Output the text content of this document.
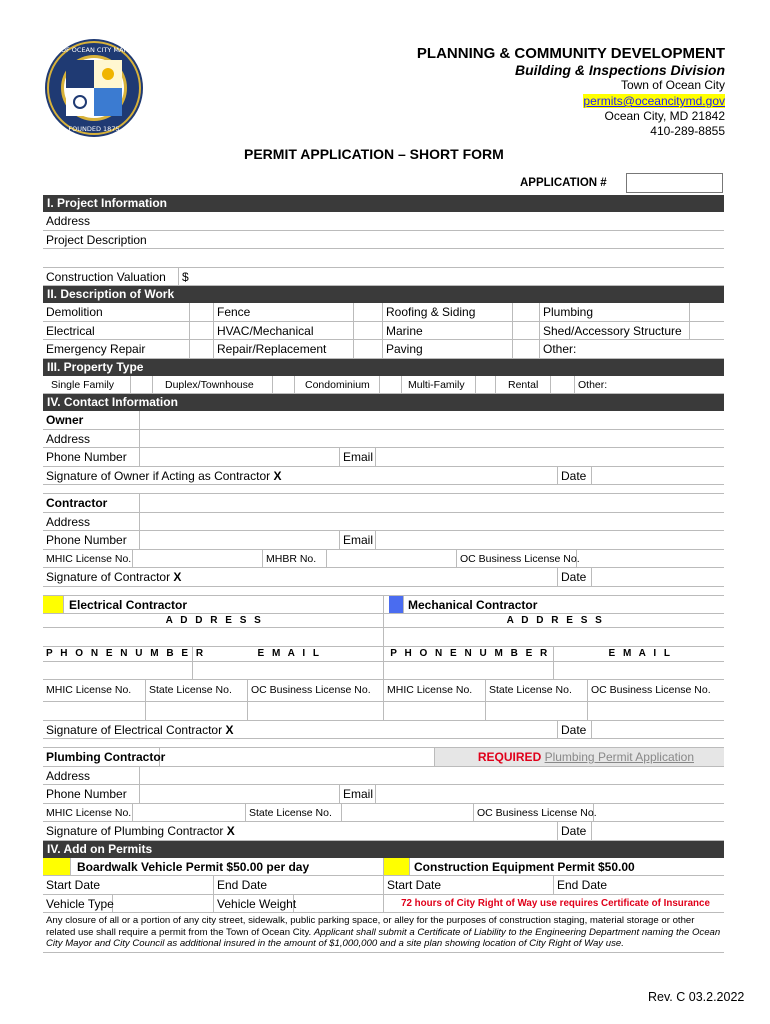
TOWN OF OCEAN CITY MARYLAND
FOUNDED 1875
PLANNING & COMMUNITY DEVELOPMENT
Building & Inspections Division
Town of Ocean City
permits@oceancitymd.gov
Ocean City, MD 21842
410-289-8855
PERMIT APPLICATION – SHORT FORM
APPLICATION #
I. Project Information
Address
Project Description
Construction Valuation	$
II. Description of Work
Demolition	Fence	Roofing & Siding	Plumbing
Electrical	HVAC/Mechanical	Marine	Shed/Accessory Structure
Emergency Repair	Repair/Replacement	Paving	Other:
III. Property Type
Single Family	Duplex/Townhouse	Condominium	Multi-Family	Rental	Other:
IV. Contact Information
Owner
Address
Phone Number	Email
Signature of Owner if Acting as Contractor X	Date
Contractor
Address
Phone Number	Email
MHIC License No.	MHBR No.	OC Business License No.
Signature of Contractor X	Date
Electrical Contractor	Mechanical Contractor
A D D R E S S	A D D R E S S
P H O N E N U M B E R	E M A I L	P H O N E N U M B E R	E M A I L
MHIC License No.	State License No.	OC Business License No.	MHIC License No.	State License No.	OC Business License No.
Signature of Electrical Contractor X	Date
Plumbing Contractor	REQUIRED Plumbing Permit Application
Address
Phone Number	Email
MHIC License No.	State License No.	OC Business License No.
Signature of Plumbing Contractor X	Date
IV. Add on Permits
Boardwalk Vehicle Permit $50.00 per day	Construction Equipment Permit $50.00
Start Date	End Date	Start Date	End Date
Vehicle Type	Vehicle Weight	72 hours of City Right of Way use requires Certificate of Insurance
Any closure of all or a portion of any city street, sidewalk, public parking space, or alley for the purposes of construction staging, material storage or other related use shall require a permit from the Town of Ocean City. Applicant shall submit a Certificate of Liability to the Engineering Department naming the Ocean City Mayor and City Council as additional insured in the amount of $1,000,000 and a site plan showing location of City Right of Way use.
Rev. C 03.2.2022
